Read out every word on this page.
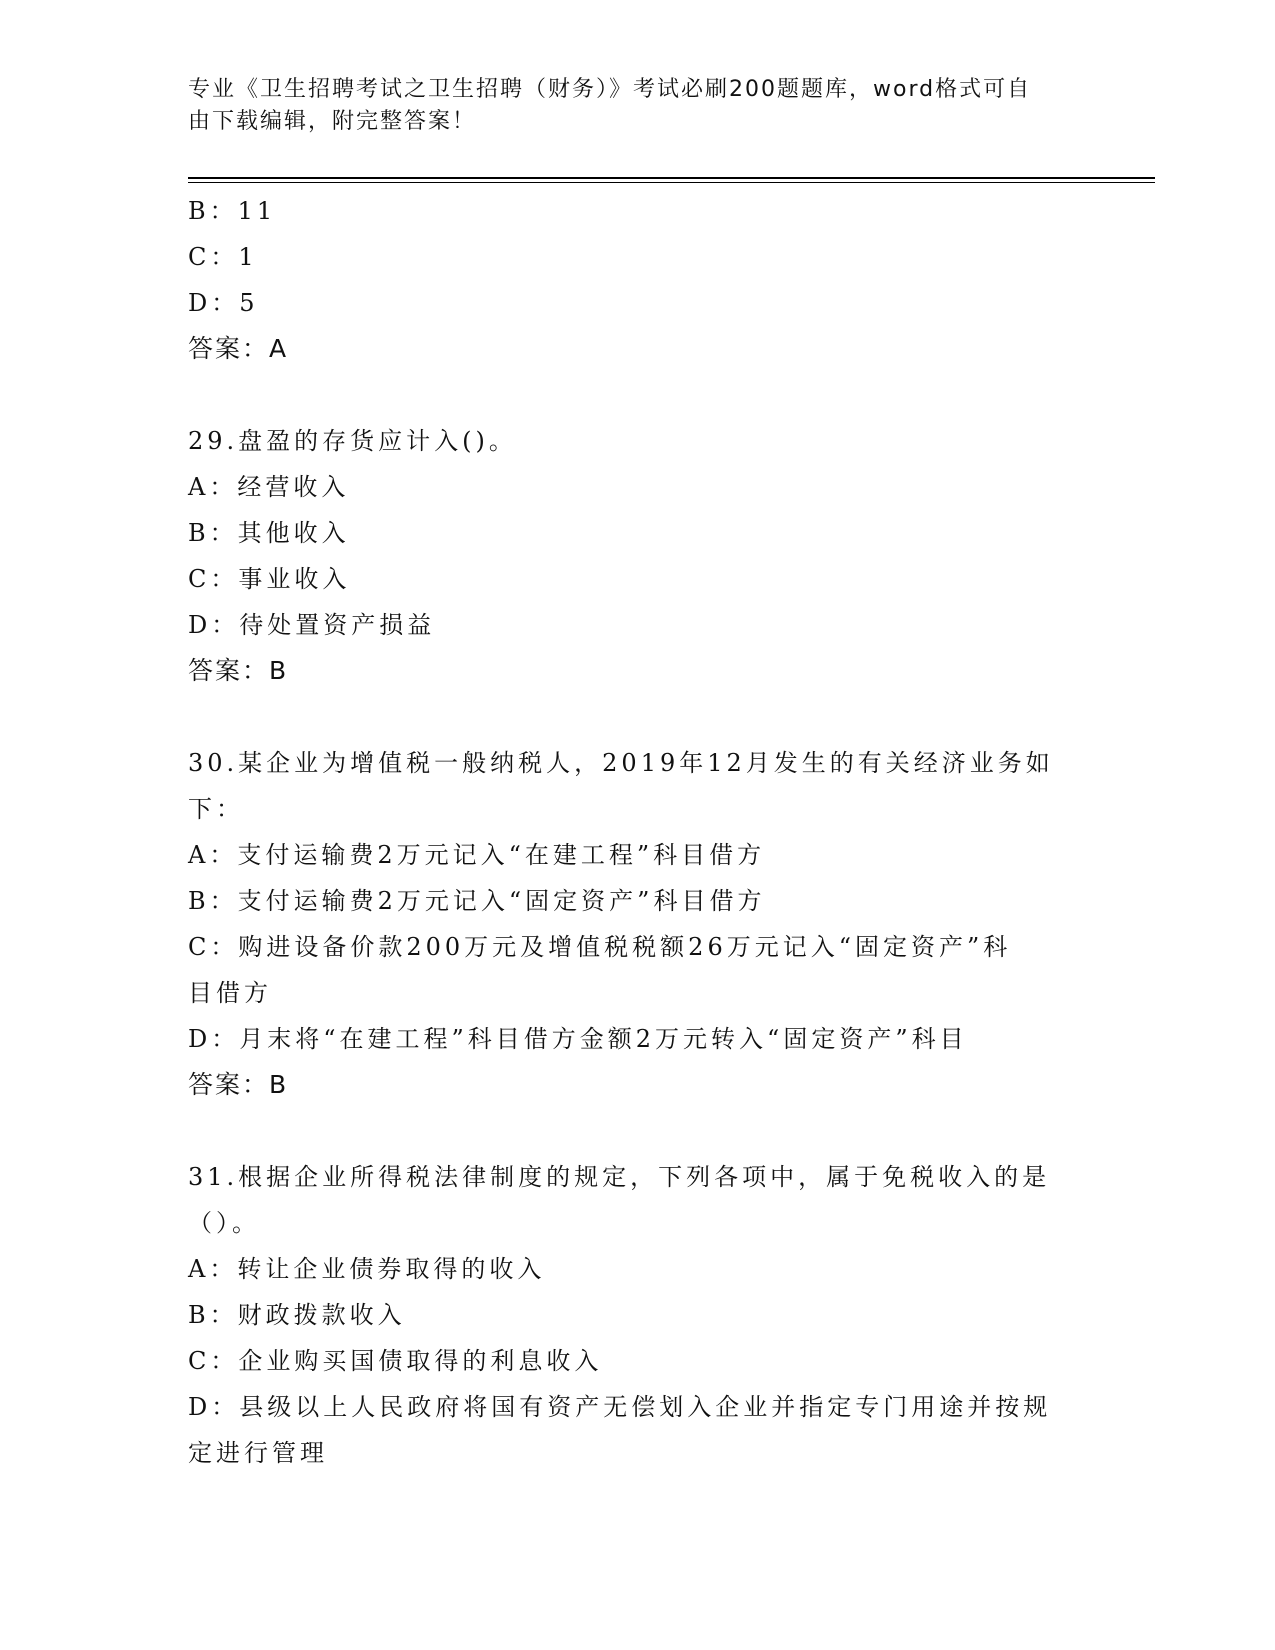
专业《卫生招聘考试之卫生招聘（财务）》考试必刷200题题库，word格式可自
由下载编辑，附完整答案！
B：11
C：1
D：5
答案：A
29.盘盈的存货应计入()。
A：经营收入
B：其他收入
C：事业收入
D：待处置资产损益
答案：B
30.某企业为增值税一般纳税人，2019年12月发生的有关经济业务如
下：
A：支付运输费2万元记入“在建工程”科目借方
B：支付运输费2万元记入“固定资产”科目借方
C：购进设备价款200万元及增值税税额26万元记入“固定资产”科
目借方
D：月末将“在建工程”科目借方金额2万元转入“固定资产”科目
答案：B
31.根据企业所得税法律制度的规定，下列各项中，属于免税收入的是
（）。
A：转让企业债券取得的收入
B：财政拨款收入
C：企业购买国债取得的利息收入
D：县级以上人民政府将国有资产无偿划入企业并指定专门用途并按规
定进行管理
